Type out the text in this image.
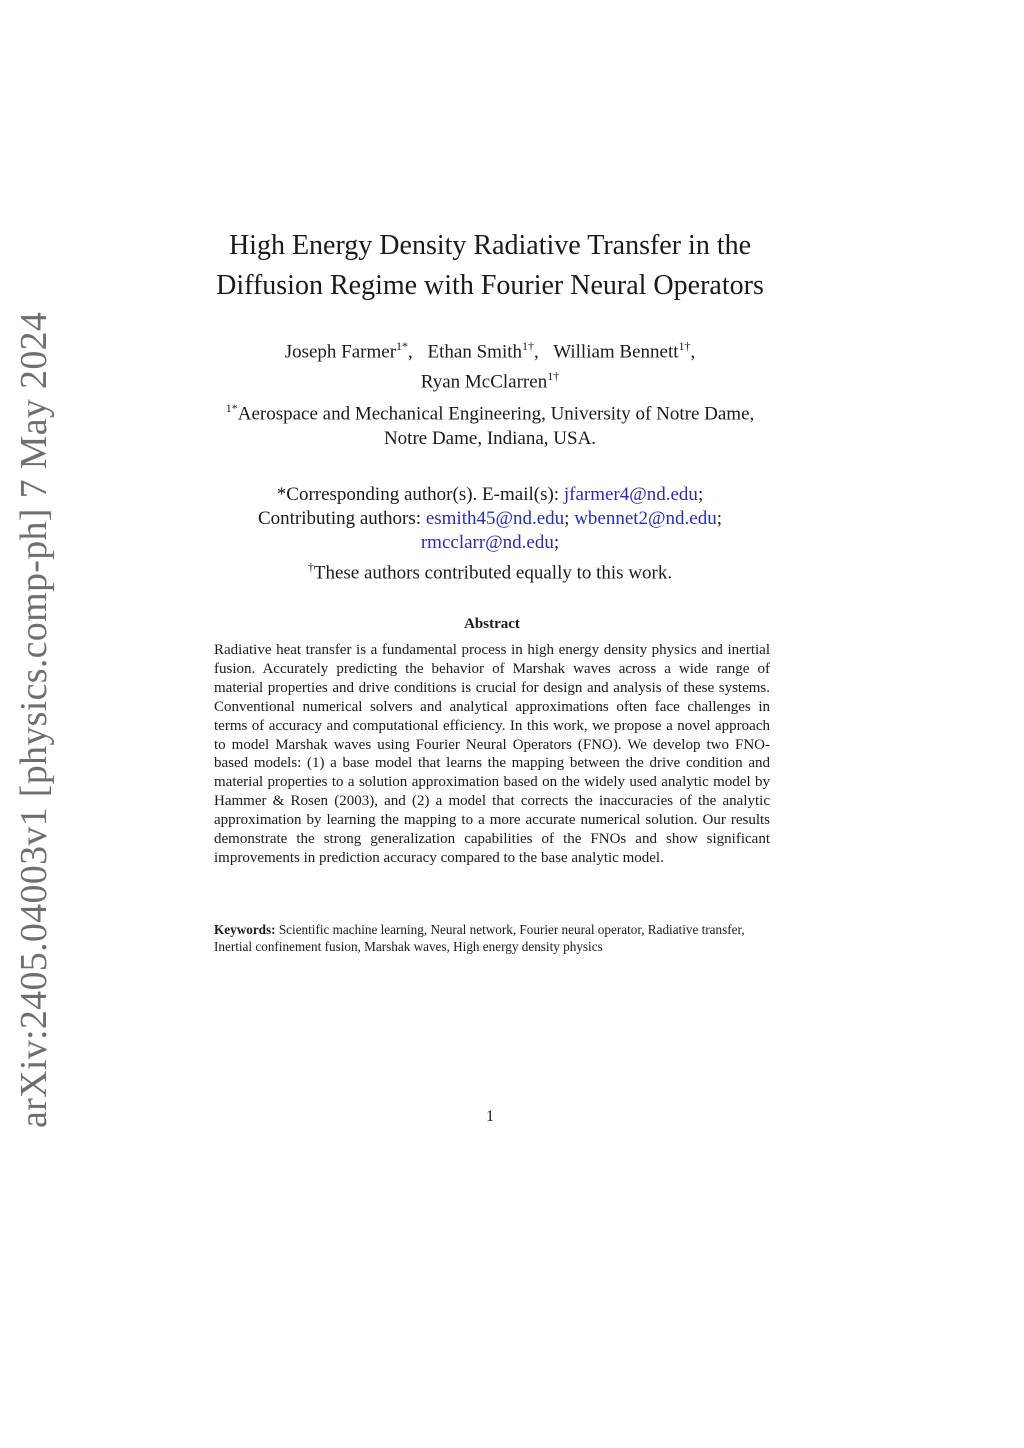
arXiv:2405.04003v1 [physics.comp-ph] 7 May 2024
High Energy Density Radiative Transfer in the
Diffusion Regime with Fourier Neural Operators
Joseph Farmer$^{1*}$, Ethan Smith$^{1\dagger}$, William Bennett$^{1\dagger}$,
Ryan McClarren$^{1\dagger}$
$^{1*}$Aerospace and Mechanical Engineering, University of Notre Dame,
Notre Dame, Indiana, USA.
*Corresponding author(s). E-mail(s): jfarmer4@nd.edu;
Contributing authors: esmith45@nd.edu; wbennet2@nd.edu;
rmcclarr@nd.edu;
†These authors contributed equally to this work.
Abstract
Radiative heat transfer is a fundamental process in high energy density physics and inertial fusion. Accurately predicting the behavior of Marshak waves across a wide range of material properties and drive conditions is crucial for design and analysis of these systems. Conventional numerical solvers and analytical approximations often face challenges in terms of accuracy and computational efficiency. In this work, we propose a novel approach to model Marshak waves using Fourier Neural Operators (FNO). We develop two FNO-based models: (1) a base model that learns the mapping between the drive condition and material properties to a solution approximation based on the widely used analytic model by Hammer & Rosen (2003), and (2) a model that corrects the inaccuracies of the analytic approximation by learning the mapping to a more accurate numerical solution. Our results demonstrate the strong generalization capabilities of the FNOs and show significant improvements in prediction accuracy compared to the base analytic model.
Keywords: Scientific machine learning, Neural network, Fourier neural operator, Radiative transfer, Inertial confinement fusion, Marshak waves, High energy density physics
1
